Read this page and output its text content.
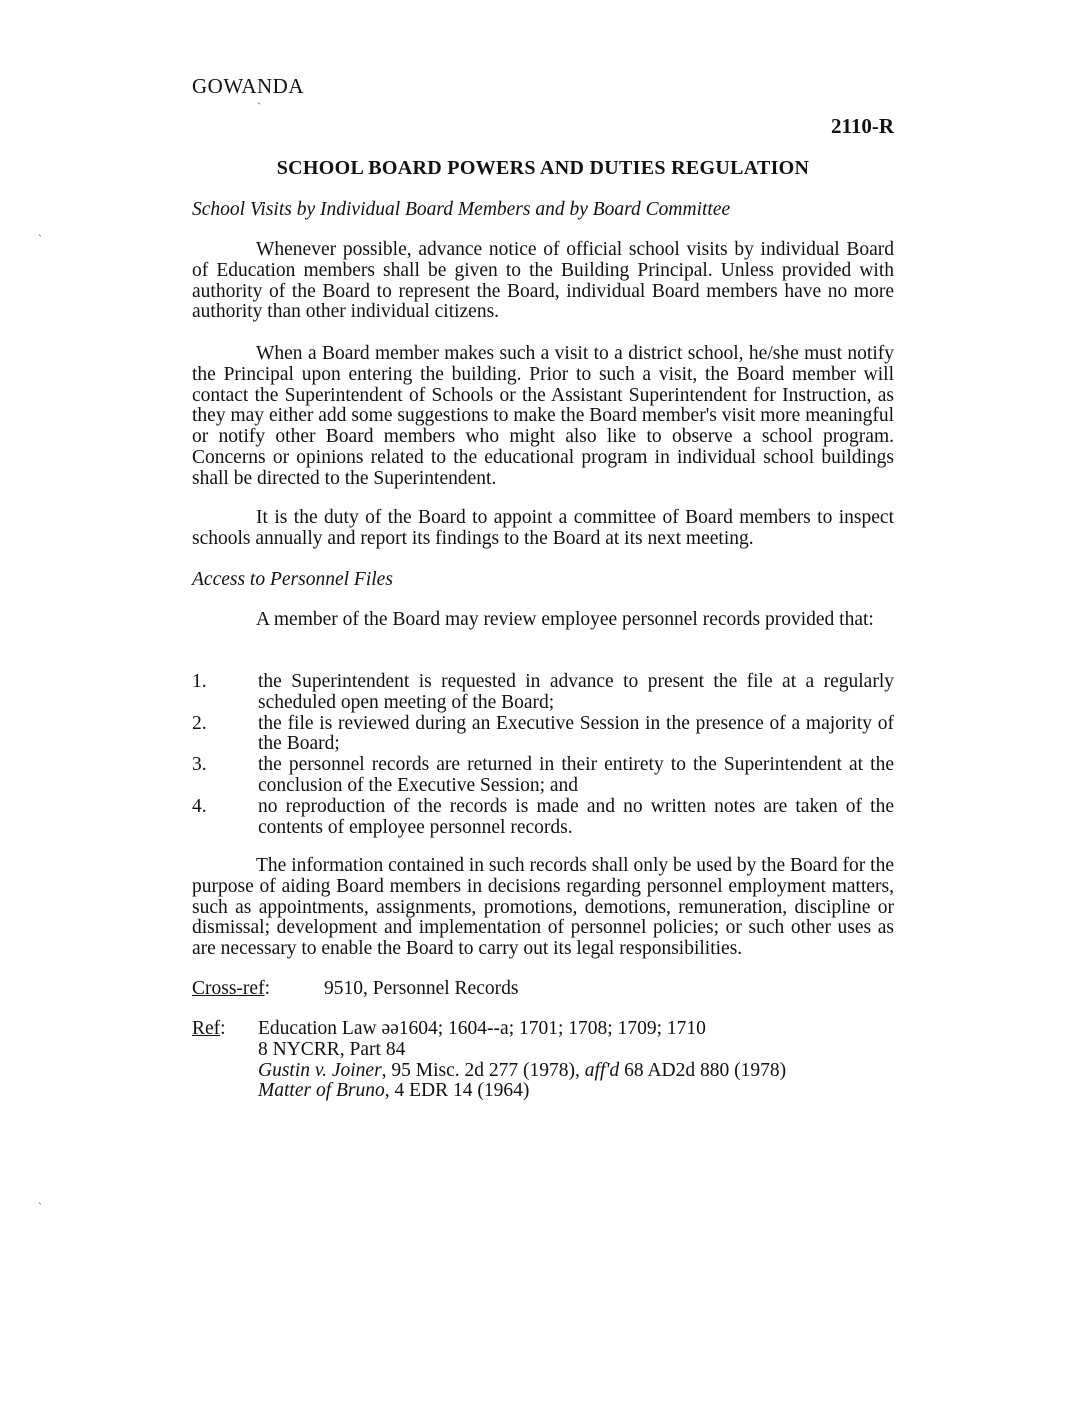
GOWANDA
2110-R
SCHOOL BOARD POWERS AND DUTIES REGULATION
School Visits by Individual Board Members and by Board Committee
Whenever possible, advance notice of official school visits by individual Board of Education members shall be given to the Building Principal. Unless provided with authority of the Board to represent the Board, individual Board members have no more authority than other individual citizens.
When a Board member makes such a visit to a district school, he/she must notify the Principal upon entering the building. Prior to such a visit, the Board member will contact the Superintendent of Schools or the Assistant Superintendent for Instruction, as they may either add some suggestions to make the Board member's visit more meaningful or notify other Board members who might also like to observe a school program. Concerns or opinions related to the educational program in individual school buildings shall be directed to the Superintendent.
It is the duty of the Board to appoint a committee of Board members to inspect schools annually and report its findings to the Board at its next meeting.
Access to Personnel Files
A member of the Board may review employee personnel records provided that:
1.	the Superintendent is requested in advance to present the file at a regularly scheduled open meeting of the Board;
2.	the file is reviewed during an Executive Session in the presence of a majority of the Board;
3.	the personnel records are returned in their entirety to the Superintendent at the conclusion of the Executive Session; and
4.	no reproduction of the records is made and no written notes are taken of the contents of employee personnel records.
The information contained in such records shall only be used by the Board for the purpose of aiding Board members in decisions regarding personnel employment matters, such as appointments, assignments, promotions, demotions, remuneration, discipline or dismissal; development and implementation of personnel policies; or such other uses as are necessary to enable the Board to carry out its legal responsibilities.
Cross-ref:	9510, Personnel Records
Ref: Education Law əə1604; 1604--a; 1701; 1708; 1709; 1710
8 NYCRR, Part 84
Gustin v. Joiner, 95 Misc. 2d 277 (1978), aff'd 68 AD2d 880 (1978)
Matter of Bruno, 4 EDR 14 (1964)
`
`
`
